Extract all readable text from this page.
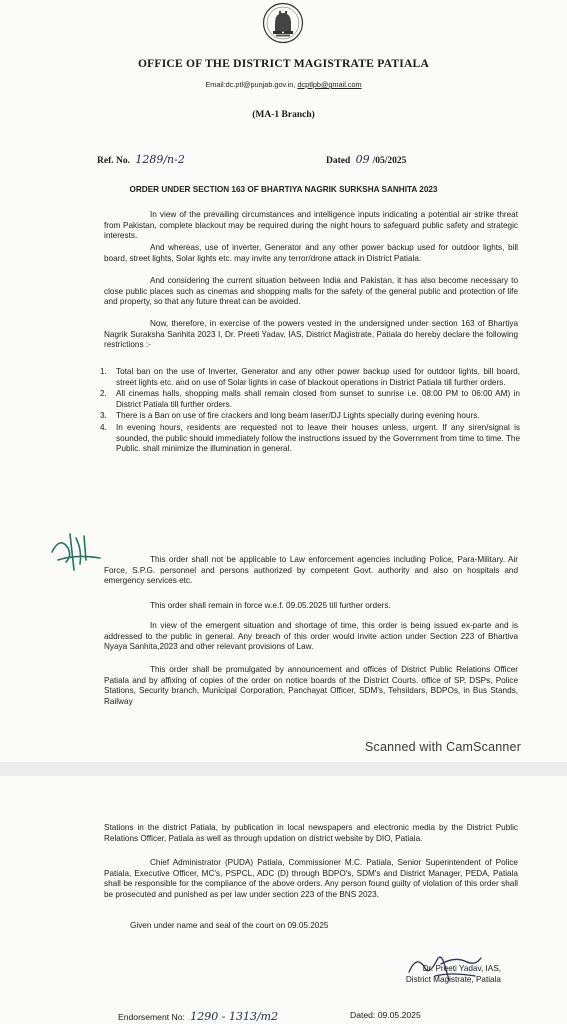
OFFICE OF THE DISTRICT MAGISTRATE PATIALA
Email:dc.ptl@punjab.gov.in, dcptlpb@gmail.com
(MA-1 Branch)
Ref. No. 1289/n-2	Dated 09 /05/2025
ORDER UNDER SECTION 163 OF BHARTIYA NAGRIK SURKSHA SANHITA 2023

In view of the prevailing circumstances and intelligence inputs indicating a potential air strike threat from Pakistan, complete blackout may be required during the night hours to safeguard public safety and strategic interests.

And whereas, use of inverter, Generator and any other power backup used for outdoor lights, bill board, street lights, Solar lights etc. may invite any terror/drone attack in District Patiala.

And considering the current situation between India and Pakistan, it has also become necessary to close public places such as cinemas and shopping malls for the safety of the general public and protection of life and property, so that any future threat can be avoided.

Now, therefore, in exercise of the powers vested in the undersigned under section 163 of Bhartiya Nagrik Suraksha Sanhita 2023 I, Dr. Preeti Yadav, IAS, District Magistrate, Patiala do hereby declare the following restrictions :-

1. Total ban on the use of Inverter, Generator and any other power backup used for outdoor lights, bill board, street lights etc. and on use of Solar lights in case of blackout operations in District Patiala till further orders.
2. All cinemas halls, shopping malls shall remain closed from sunset to sunrise i.e. 08:00 PM to 06:00 AM) in District Patiala till further orders.
3. There is a Ban on use of fire crackers and long beam laser/DJ Lights specially during evening hours.
4. In evening hours, residents are requested not to leave their houses unless, urgent. If any siren/signal is sounded, the public should immediately follow the instructions issued by the Government from time to time. The Public. shall minimize the illumination in general.

This order shall not be applicable to Law enforcement agencies including Police, Para-Military. Air Force, S.P.G. personnel and persons authorized by competent Govt. authority and also on hospitals and emergency services etc.

This order shall remain in force w.e.f. 09.05.2025 till further orders.

In view of the emergent situation and shortage of time, this order is being issued ex-parte and is addressed to the public in general. Any breach of this order would invite action under Section 223 of Bhartiva Nyaya Sanhita,2023 and other relevant provisions of Law.

This order shall be promulgated by announcement and offices of District Public Relations Officer Patiala and by affixing of copies of the order on notice boards of the District Courts. office of SP, DSPs, Police Stations, Security branch, Municipal Corporation, Panchayat Officer, SDM's, Tehsildars, BDPOs, in Bus Stands, Railway

Scanned with CamScanner

Stations in the district Patiala, by publication in local newspapers and electronic media by the District Public Relations Officer, Patiala as well as through updation on district website by DIO, Patiala.

Chief Administrator (PUDA) Patiala, Commissioner M.C. Patiala, Senior Superintendent of Police Patiala, Executive Officer, MC's, PSPCL, ADC (D) through BDPO's, SDM's and District Manager, PEDA, Patiala shall be responsible for the compliance of the above orders. Any person found guilty of violation of this order shall be prosecuted and punished as per law under section 223 of the BNS 2023.

Given under name and seal of the court on 09.05.2025

Dr. Preeti Yadav, IAS,
District Magistrate, Patiala
Endorsement No: 1290 - 1313/m2	Dated: 09.05.2025
